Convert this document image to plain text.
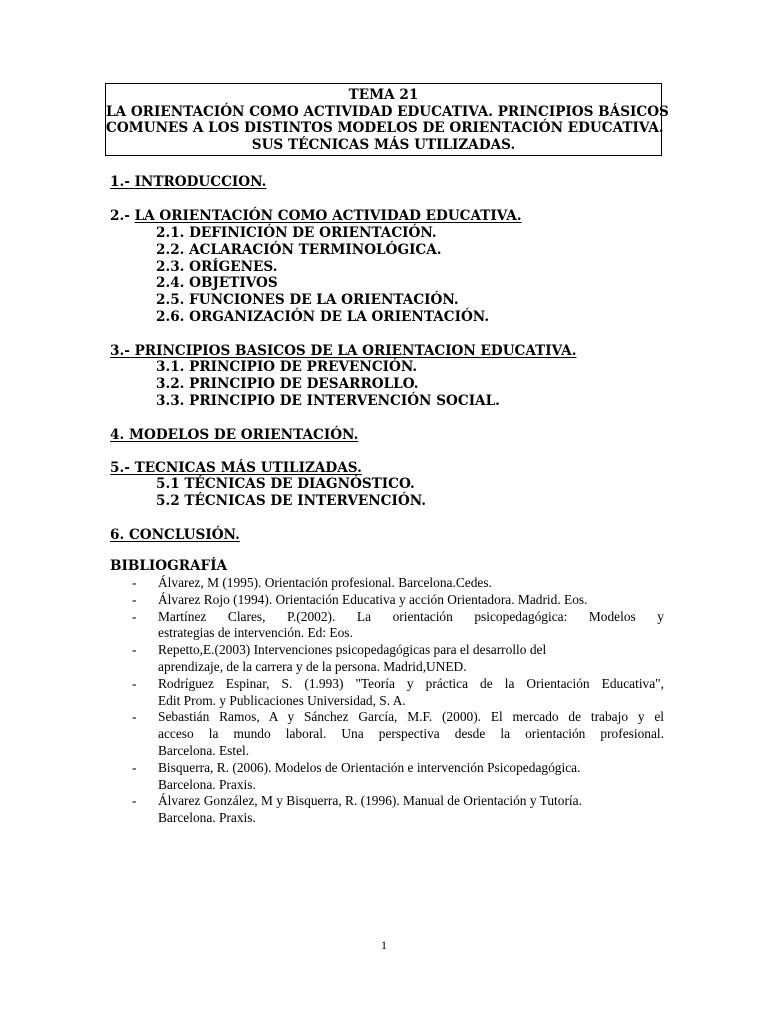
TEMA 21
LA ORIENTACIÓN COMO ACTIVIDAD EDUCATIVA. PRINCIPIOS BÁSICOS
COMUNES A LOS DISTINTOS MODELOS DE ORIENTACIÓN EDUCATIVA.
SUS TÉCNICAS MÁS UTILIZADAS.
1.- INTRODUCCION.
2.- LA ORIENTACIÓN COMO ACTIVIDAD EDUCATIVA.
2.1. DEFINICIÓN DE ORIENTACIÓN.
2.2. ACLARACIÓN TERMINOLÓGICA.
2.3. ORÍGENES.
2.4. OBJETIVOS
2.5. FUNCIONES DE LA ORIENTACIÓN.
2.6. ORGANIZACIÓN DE LA ORIENTACIÓN.
3.- PRINCIPIOS BASICOS DE LA ORIENTACION EDUCATIVA.
3.1. PRINCIPIO DE PREVENCIÓN.
3.2. PRINCIPIO DE DESARROLLO.
3.3. PRINCIPIO DE INTERVENCIÓN SOCIAL.
4. MODELOS DE ORIENTACIÓN.
5.- TECNICAS MÁS UTILIZADAS.
5.1 TÉCNICAS DE DIAGNÓSTICO.
5.2 TÉCNICAS DE INTERVENCIÓN.
6. CONCLUSIÓN.
BIBLIOGRAFÍA
- Álvarez, M (1995). Orientación profesional. Barcelona.Cedes.
- Álvarez Rojo (1994). Orientación Educativa y acción Orientadora. Madrid. Eos.
- Martínez Clares, P.(2002). La orientación psicopedagógica: Modelos y
estrategias de intervención. Ed: Eos.
- Repetto,E.(2003) Intervenciones psicopedagógicas para el desarrollo del
aprendizaje, de la carrera y de la persona. Madrid,UNED.
- Rodríguez Espinar, S. (1.993) "Teoría y práctica de la Orientación Educativa",
Edit Prom. y Publicaciones Universidad, S. A.
- Sebastián Ramos, A y Sánchez García, M.F. (2000). El mercado de trabajo y el
acceso la mundo laboral. Una perspectiva desde la orientación profesional.
Barcelona. Estel.
- Bisquerra, R. (2006). Modelos de Orientación e intervención Psicopedagógica.
Barcelona. Praxis.
- Álvarez González, M y Bisquerra, R. (1996). Manual de Orientación y Tutoría.
Barcelona. Praxis.
1
